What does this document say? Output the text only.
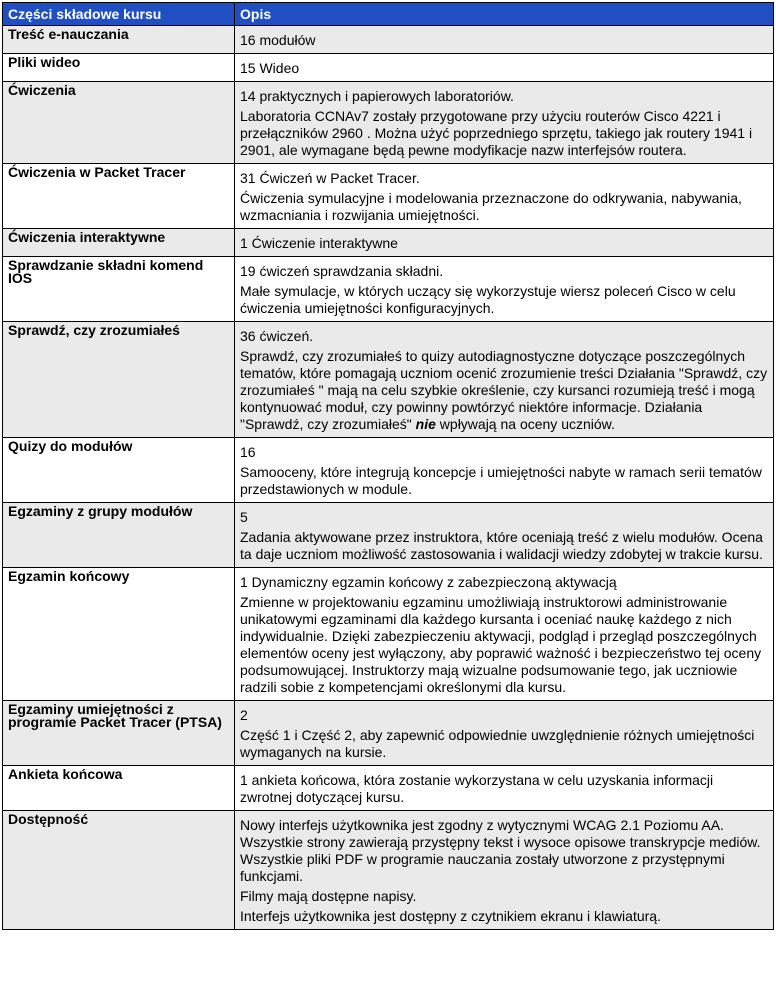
Części składowe kursu	Opis
Treść e-nauczania	16 modułów

Pliki wideo	15 Wideo

Ćwiczenia	14 praktycznych i papierowych laboratoriów.

Laboratoria CCNAv7 zostały przygotowane przy użyciu routerów Cisco 4221 i przełączników 2960 . Można użyć poprzedniego sprzętu, takiego jak routery 1941 i 2901, ale wymagane będą pewne modyfikacje nazw interfejsów routera.

Ćwiczenia w Packet Tracer	31 Ćwiczeń w Packet Tracer.

Ćwiczenia symulacyjne i modelowania przeznaczone do odkrywania, nabywania, wzmacniania i rozwijania umiejętności.

Ćwiczenia interaktywne	1 Ćwiczenie interaktywne

Sprawdzanie składni komend IOS	19 ćwiczeń sprawdzania składni.

Małe symulacje, w których uczący się wykorzystuje wiersz poleceń Cisco w celu ćwiczenia umiejętności konfiguracyjnych.

Sprawdź, czy zrozumiałeś	36 ćwiczeń.

Sprawdź, czy zrozumiałeś to quizy autodiagnostyczne dotyczące poszczególnych tematów, które pomagają uczniom ocenić zrozumienie treści Działania "Sprawdź, czy zrozumiałeś " mają na celu szybkie określenie, czy kursanci rozumieją treść i mogą kontynuować moduł, czy powinny powtórzyć niektóre informacje. Działania "Sprawdź, czy zrozumiałeś" nie wpływają na oceny uczniów.

Quizy do modułów	16

Samooceny, które integrują koncepcje i umiejętności nabyte w ramach serii tematów przedstawionych w module.

Egzaminy z grupy modułów	5

Zadania aktywowane przez instruktora, które oceniają treść z wielu modułów. Ocena ta daje uczniom możliwość zastosowania i walidacji wiedzy zdobytej w trakcie kursu.

Egzamin końcowy	1 Dynamiczny egzamin końcowy z zabezpieczoną aktywacją

Zmienne w projektowaniu egzaminu umożliwiają instruktorowi administrowanie unikatowymi egzaminami dla każdego kursanta i oceniać naukę każdego z nich indywidualnie. Dzięki zabezpieczeniu aktywacji, podgląd i przegląd poszczególnych elementów oceny jest wyłączony, aby poprawić ważność i bezpieczeństwo tej oceny podsumowującej. Instruktorzy mają wizualne podsumowanie tego, jak uczniowie radzili sobie z kompetencjami określonymi dla kursu.

Egzaminy umiejętności z programie Packet Tracer (PTSA)	2

Część 1 i Część 2, aby zapewnić odpowiednie uwzględnienie różnych umiejętności wymaganych na kursie.

Ankieta końcowa	1 ankieta końcowa, która zostanie wykorzystana w celu uzyskania informacji zwrotnej dotyczącej kursu.

Dostępność	Nowy interfejs użytkownika jest zgodny z wytycznymi WCAG 2.1 Poziomu AA. Wszystkie strony zawierają przystępny tekst i wysoce opisowe transkrypcje mediów. Wszystkie pliki PDF w programie nauczania zostały utworzone z przystępnymi funkcjami.

Filmy mają dostępne napisy.

Interfejs użytkownika jest dostępny z czytnikiem ekranu i klawiaturą.
